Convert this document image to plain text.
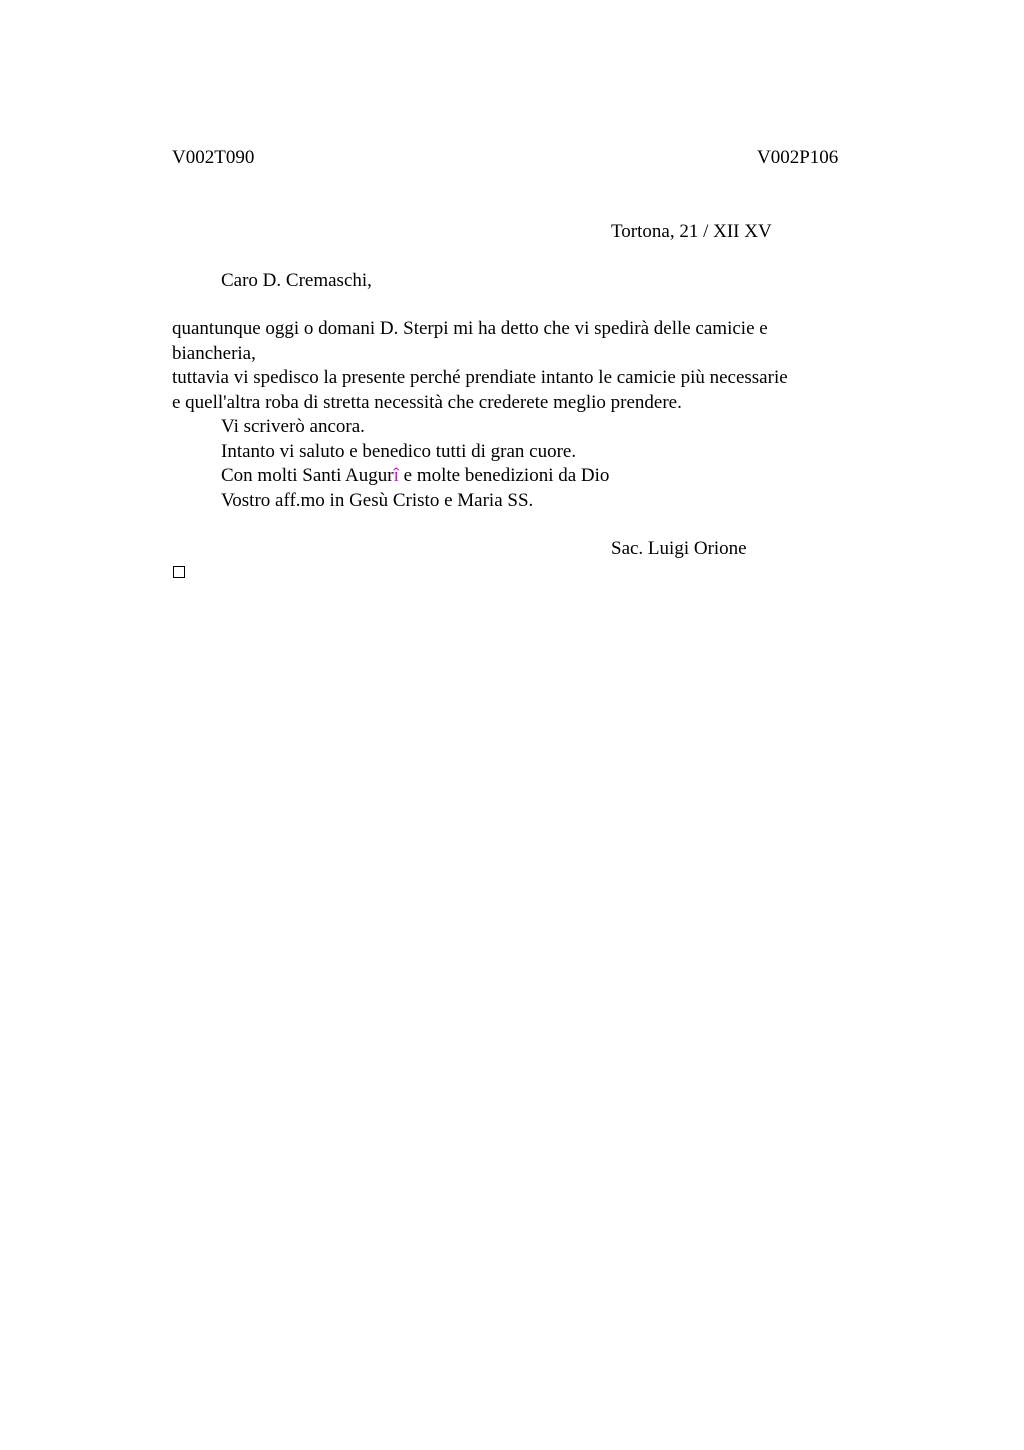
V002T090	V002P106
Tortona, 21 / XII XV
Caro D. Cremaschi,
quantunque oggi o domani D. Sterpi mi ha detto che vi spedirà delle camicie e
biancheria,
tuttavia vi spedisco la presente perché prendiate intanto le camicie più necessarie
e quell'altra roba di stretta necessità che crederete meglio prendere.
Vi scriverò ancora.
Intanto vi saluto e benedico tutti di gran cuore.
Con molti Santi Augurî e molte benedizioni da Dio
Vostro aff.mo in Gesù Cristo e Maria SS.
Sac. Luigi Orione
